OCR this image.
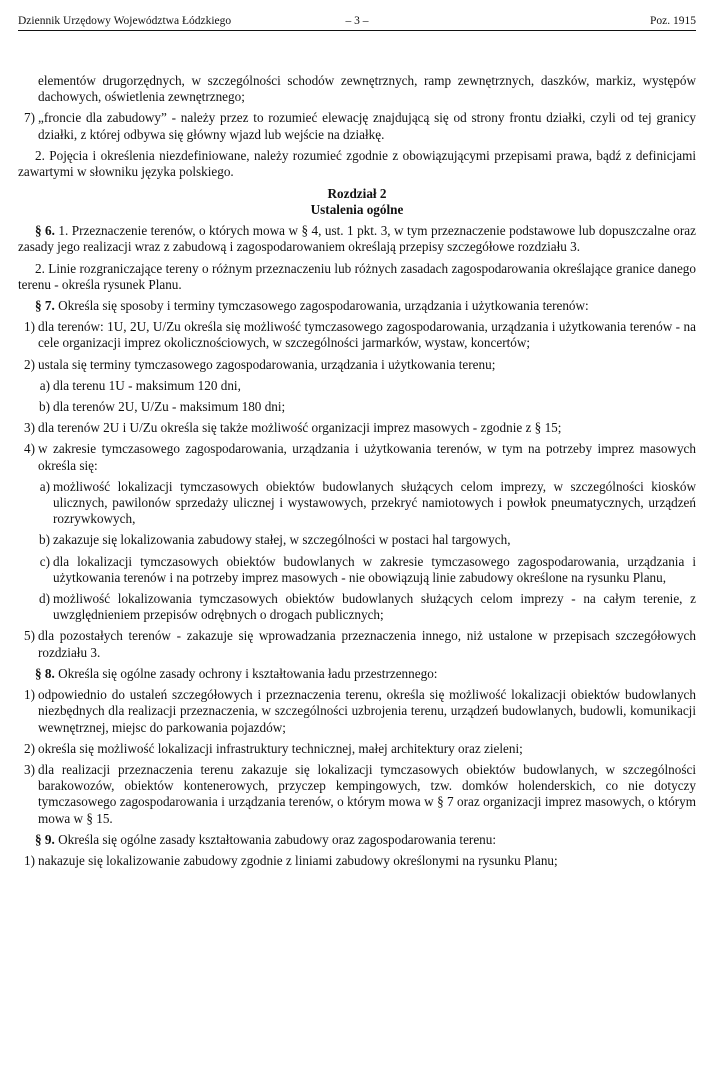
Dziennik Urzędowy Województwa Łódzkiego	– 3 –	Poz. 1915

elementów drugorzędnych, w szczególności schodów zewnętrznych, ramp zewnętrznych, daszków, markiz, występów dachowych, oświetlenia zewnętrznego;

7) „froncie dla zabudowy” - należy przez to rozumieć elewację znajdującą się od strony frontu działki, czyli od tej granicy działki, z której odbywa się główny wjazd lub wejście na działkę.

2. Pojęcia i określenia niezdefiniowane, należy rozumieć zgodnie z obowiązującymi przepisami prawa, bądź z definicjami zawartymi w słowniku języka polskiego.

Rozdział 2
Ustalenia ogólne

§ 6. 1. Przeznaczenie terenów, o których mowa w § 4, ust. 1 pkt. 3, w tym przeznaczenie podstawowe lub dopuszczalne oraz zasady jego realizacji wraz z zabudową i zagospodarowaniem określają przepisy szczegółowe rozdziału 3.

2. Linie rozgraniczające tereny o różnym przeznaczeniu lub różnych zasadach zagospodarowania określające granice danego terenu - określa rysunek Planu.

§ 7. Określa się sposoby i terminy tymczasowego zagospodarowania, urządzania i użytkowania terenów:

1) dla terenów: 1U, 2U, U/Zu określa się możliwość tymczasowego zagospodarowania, urządzania i użytkowania terenów - na cele organizacji imprez okolicznościowych, w szczególności jarmarków, wystaw, koncertów;
2) ustala się terminy tymczasowego zagospodarowania, urządzania i użytkowania terenu;
a) dla terenu 1U - maksimum 120 dni,
b) dla terenów 2U, U/Zu - maksimum 180 dni;
3) dla terenów 2U i U/Zu określa się także możliwość organizacji imprez masowych - zgodnie z § 15;
4) w zakresie tymczasowego zagospodarowania, urządzania i użytkowania terenów, w tym na potrzeby imprez masowych określa się:
a) możliwość lokalizacji tymczasowych obiektów budowlanych służących celom imprezy, w szczególności kiosków ulicznych, pawilonów sprzedaży ulicznej i wystawowych, przekryć namiotowych i powłok pneumatycznych, urządzeń rozrywkowych,
b) zakazuje się lokalizowania zabudowy stałej, w szczególności w postaci hal targowych,
c) dla lokalizacji tymczasowych obiektów budowlanych w zakresie tymczasowego zagospodarowania, urządzania i użytkowania terenów i na potrzeby imprez masowych - nie obowiązują linie zabudowy określone na rysunku Planu,
d) możliwość lokalizowania tymczasowych obiektów budowlanych służących celom imprezy - na całym terenie, z uwzględnieniem przepisów odrębnych o drogach publicznych;
5) dla pozostałych terenów - zakazuje się wprowadzania przeznaczenia innego, niż ustalone w przepisach szczegółowych rozdziału 3.

§ 8. Określa się ogólne zasady ochrony i kształtowania ładu przestrzennego:

1) odpowiednio do ustaleń szczegółowych i przeznaczenia terenu, określa się możliwość lokalizacji obiektów budowlanych niezbędnych dla realizacji przeznaczenia, w szczególności uzbrojenia terenu, urządzeń budowlanych, budowli, komunikacji wewnętrznej, miejsc do parkowania pojazdów;
2) określa się możliwość lokalizacji infrastruktury technicznej, małej architektury oraz zieleni;
3) dla realizacji przeznaczenia terenu zakazuje się lokalizacji tymczasowych obiektów budowlanych, w szczególności barakowozów, obiektów kontenerowych, przyczep kempingowych, tzw. domków holenderskich, co nie dotyczy tymczasowego zagospodarowania i urządzania terenów, o którym mowa w § 7 oraz organizacji imprez masowych, o którym mowa w § 15.

§ 9. Określa się ogólne zasady kształtowania zabudowy oraz zagospodarowania terenu:

1) nakazuje się lokalizowanie zabudowy zgodnie z liniami zabudowy określonymi na rysunku Planu;
